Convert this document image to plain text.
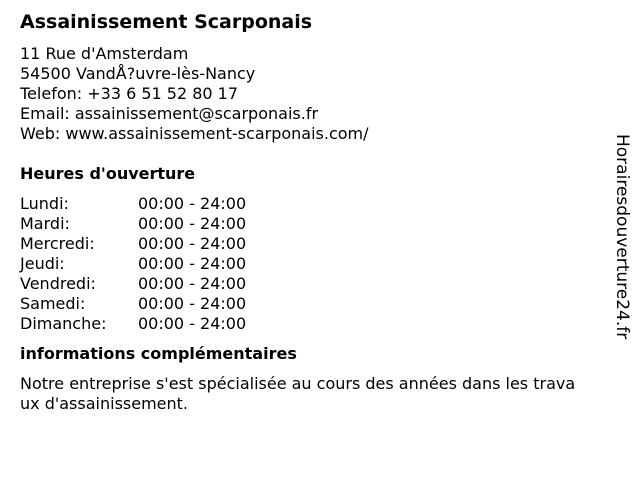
Assainissement Scarponais
11 Rue d'Amsterdam
54500 VandÅ?uvre-lès-Nancy
Telefon: +33 6 51 52 80 17
Email: assainissement@scarponais.fr
Web: www.assainissement-scarponais.com/
Heures d'ouverture
Lundi:	00:00 - 24:00
Mardi:	00:00 - 24:00
Mercredi:	00:00 - 24:00
Jeudi:	00:00 - 24:00
Vendredi:	00:00 - 24:00
Samedi:	00:00 - 24:00
Dimanche:	00:00 - 24:00
informations complémentaires
Notre entreprise s'est spécialisée au cours des années dans les travaux d'assainissement.
Horairesdouverture24.fr
